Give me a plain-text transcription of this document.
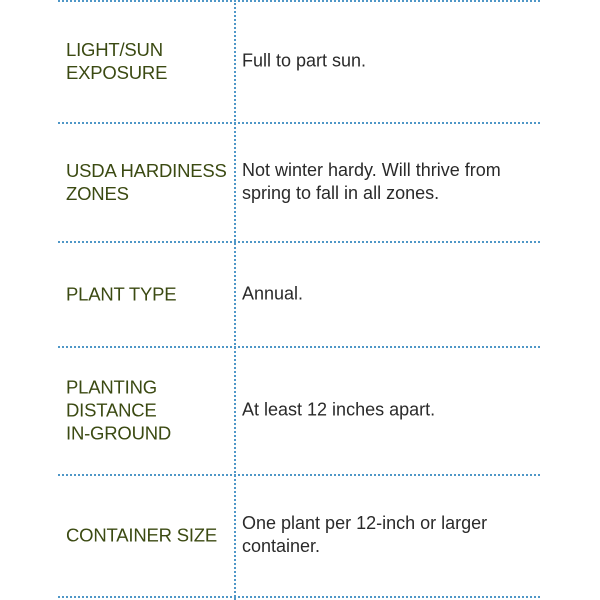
LIGHT/SUN
EXPOSURE
Full to part sun.
USDA HARDINESS
ZONES
Not winter hardy. Will thrive from
spring to fall in all zones.
PLANT TYPE	Annual.
PLANTING
DISTANCE
IN-GROUND
At least 12 inches apart.
CONTAINER SIZE
One plant per 12-inch or larger
container.
